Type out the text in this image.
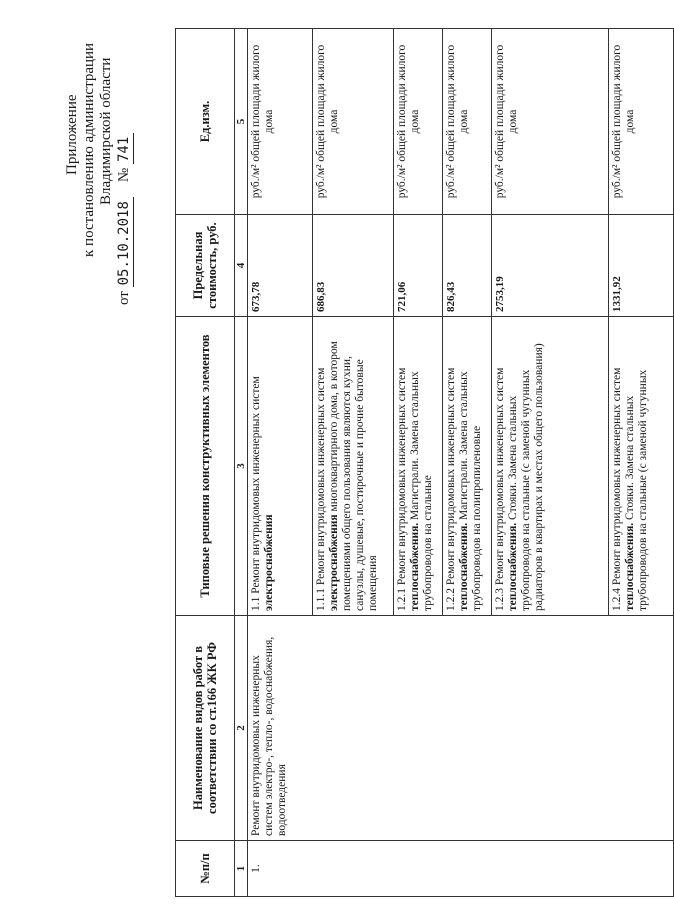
Приложение к постановлению администрации Владимирской области
от 05.10.2018    № 741
№п/п	Наименование видов работ в соответствии со ст.166 ЖК РФ	Типовые решения конструктивных элементов	Предельная стоимость, руб.	Ед.изм.
1	2	3	4	5
1.	Ремонт внутридомовых инженерных систем электро-, тепло-, водоснабжения, водоотведения	1.1 Ремонт внутридомовых инженерных систем электроснабжения	673,78	руб./м² общей площади жилого дома
		1.1.1 Ремонт внутридомовых инженерных систем электроснабжения многоквартирного дома, в котором помещениями общего пользования являются кухни, санузлы, душевые, постирочные и прочие бытовые помещения	686,83	руб./м² общей площади жилого дома
		1.2.1 Ремонт внутридомовых инженерных систем теплоснабжения. Магистрали. Замена стальных трубопроводов на стальные	721,06	руб./м² общей площади жилого дома
		1.2.2 Ремонт внутридомовых инженерных систем теплоснабжения. Магистрали. Замена стальных трубопроводов на полипропиленовые	826,43	руб./м² общей площади жилого дома
		1.2.3 Ремонт внутридомовых инженерных систем теплоснабжения. Стояки. Замена стальных трубопроводов на стальные (с заменой чугунных радиаторов в квартирах и местах общего пользования)	2753,19	руб./м² общей площади жилого дома
		1.2.4 Ремонт внутридомовых инженерных систем теплоснабжения. Стояки. Замена стальных трубопроводов на стальные (с заменой чугунных	1331,92	руб./м² общей площади жилого дома
